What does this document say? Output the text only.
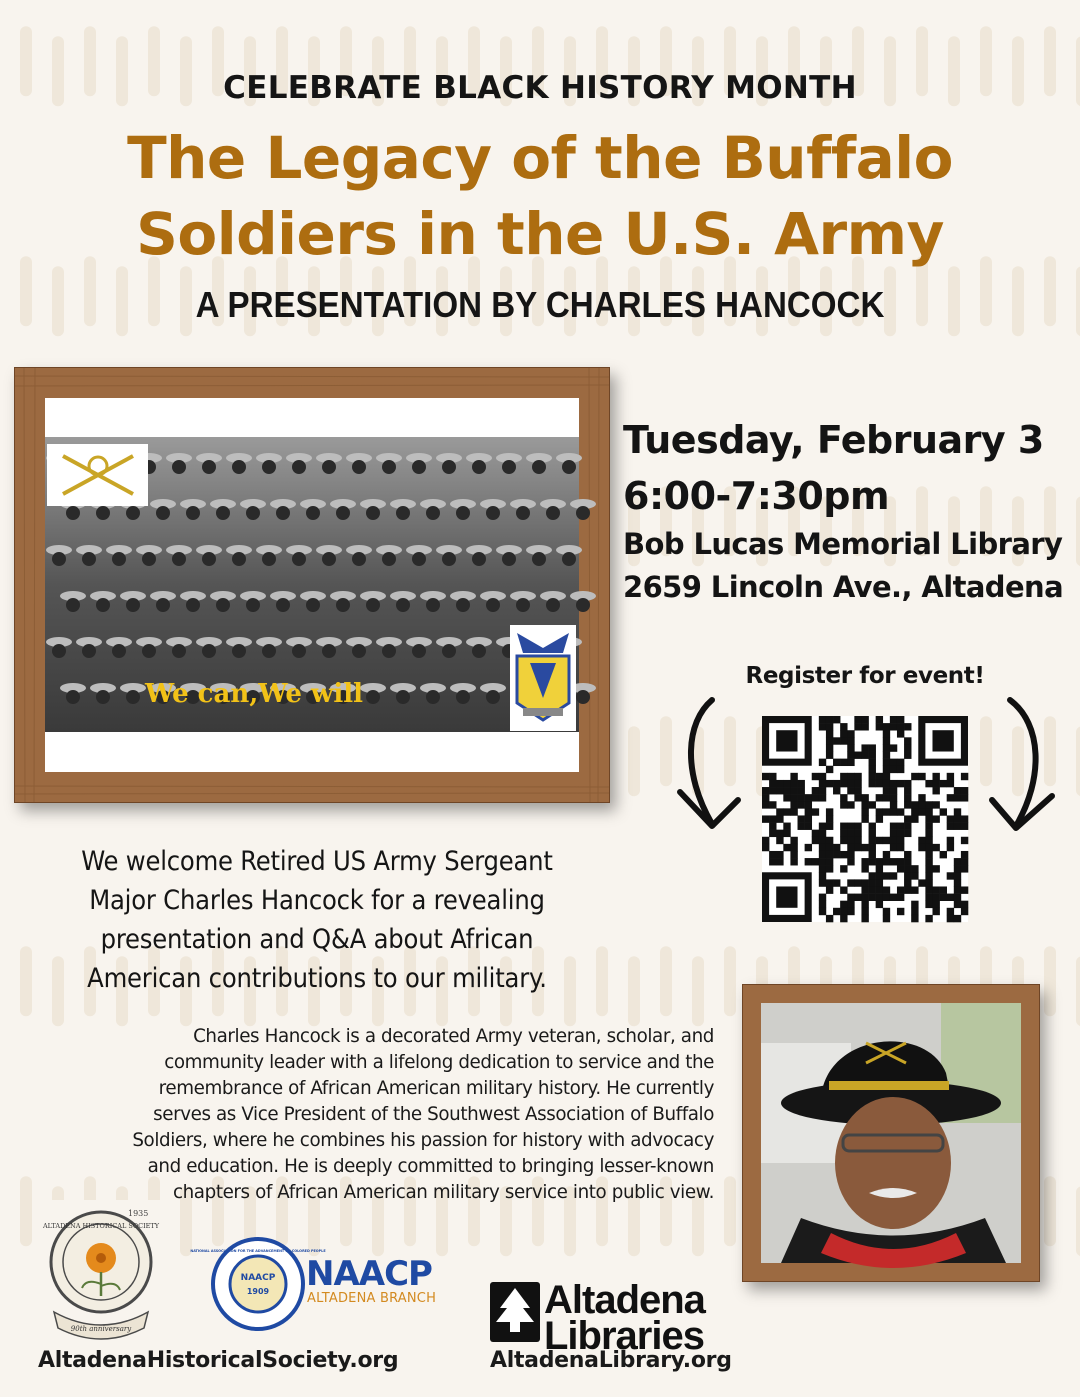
CELEBRATE BLACK HISTORY MONTH
The Legacy of the Buffalo
Soldiers in the U.S. Army
A PRESENTATION BY CHARLES HANCOCK
We can,We will
Tuesday, February 3
6:00-7:30pm
Bob Lucas Memorial Library
2659 Lincoln Ave., Altadena
Register for event!
We welcome Retired US Army Sergeant
Major Charles Hancock for a revealing
presentation and Q&A about African
American contributions to our military.
Charles Hancock is a decorated Army veteran, scholar, and
community leader with a lifelong dedication to service and the
remembrance of African American military history. He currently
serves as Vice President of the Southwest Association of Buffalo
Soldiers, where he combines his passion for history with advocacy
and education. He is deeply committed to bringing lesser-known
chapters of African American military service into public view.
1935
ALTADENA HISTORICAL SOCIETY
90th anniversary
AltadenaHistoricalSociety.org
NATIONAL ASSOCIATION FOR THE ADVANCEMENT OF COLORED PEOPLE
NAACP
1909 NAACP
ALTADENA BRANCH	Altadena
Libraries
AltadenaLibrary.org
